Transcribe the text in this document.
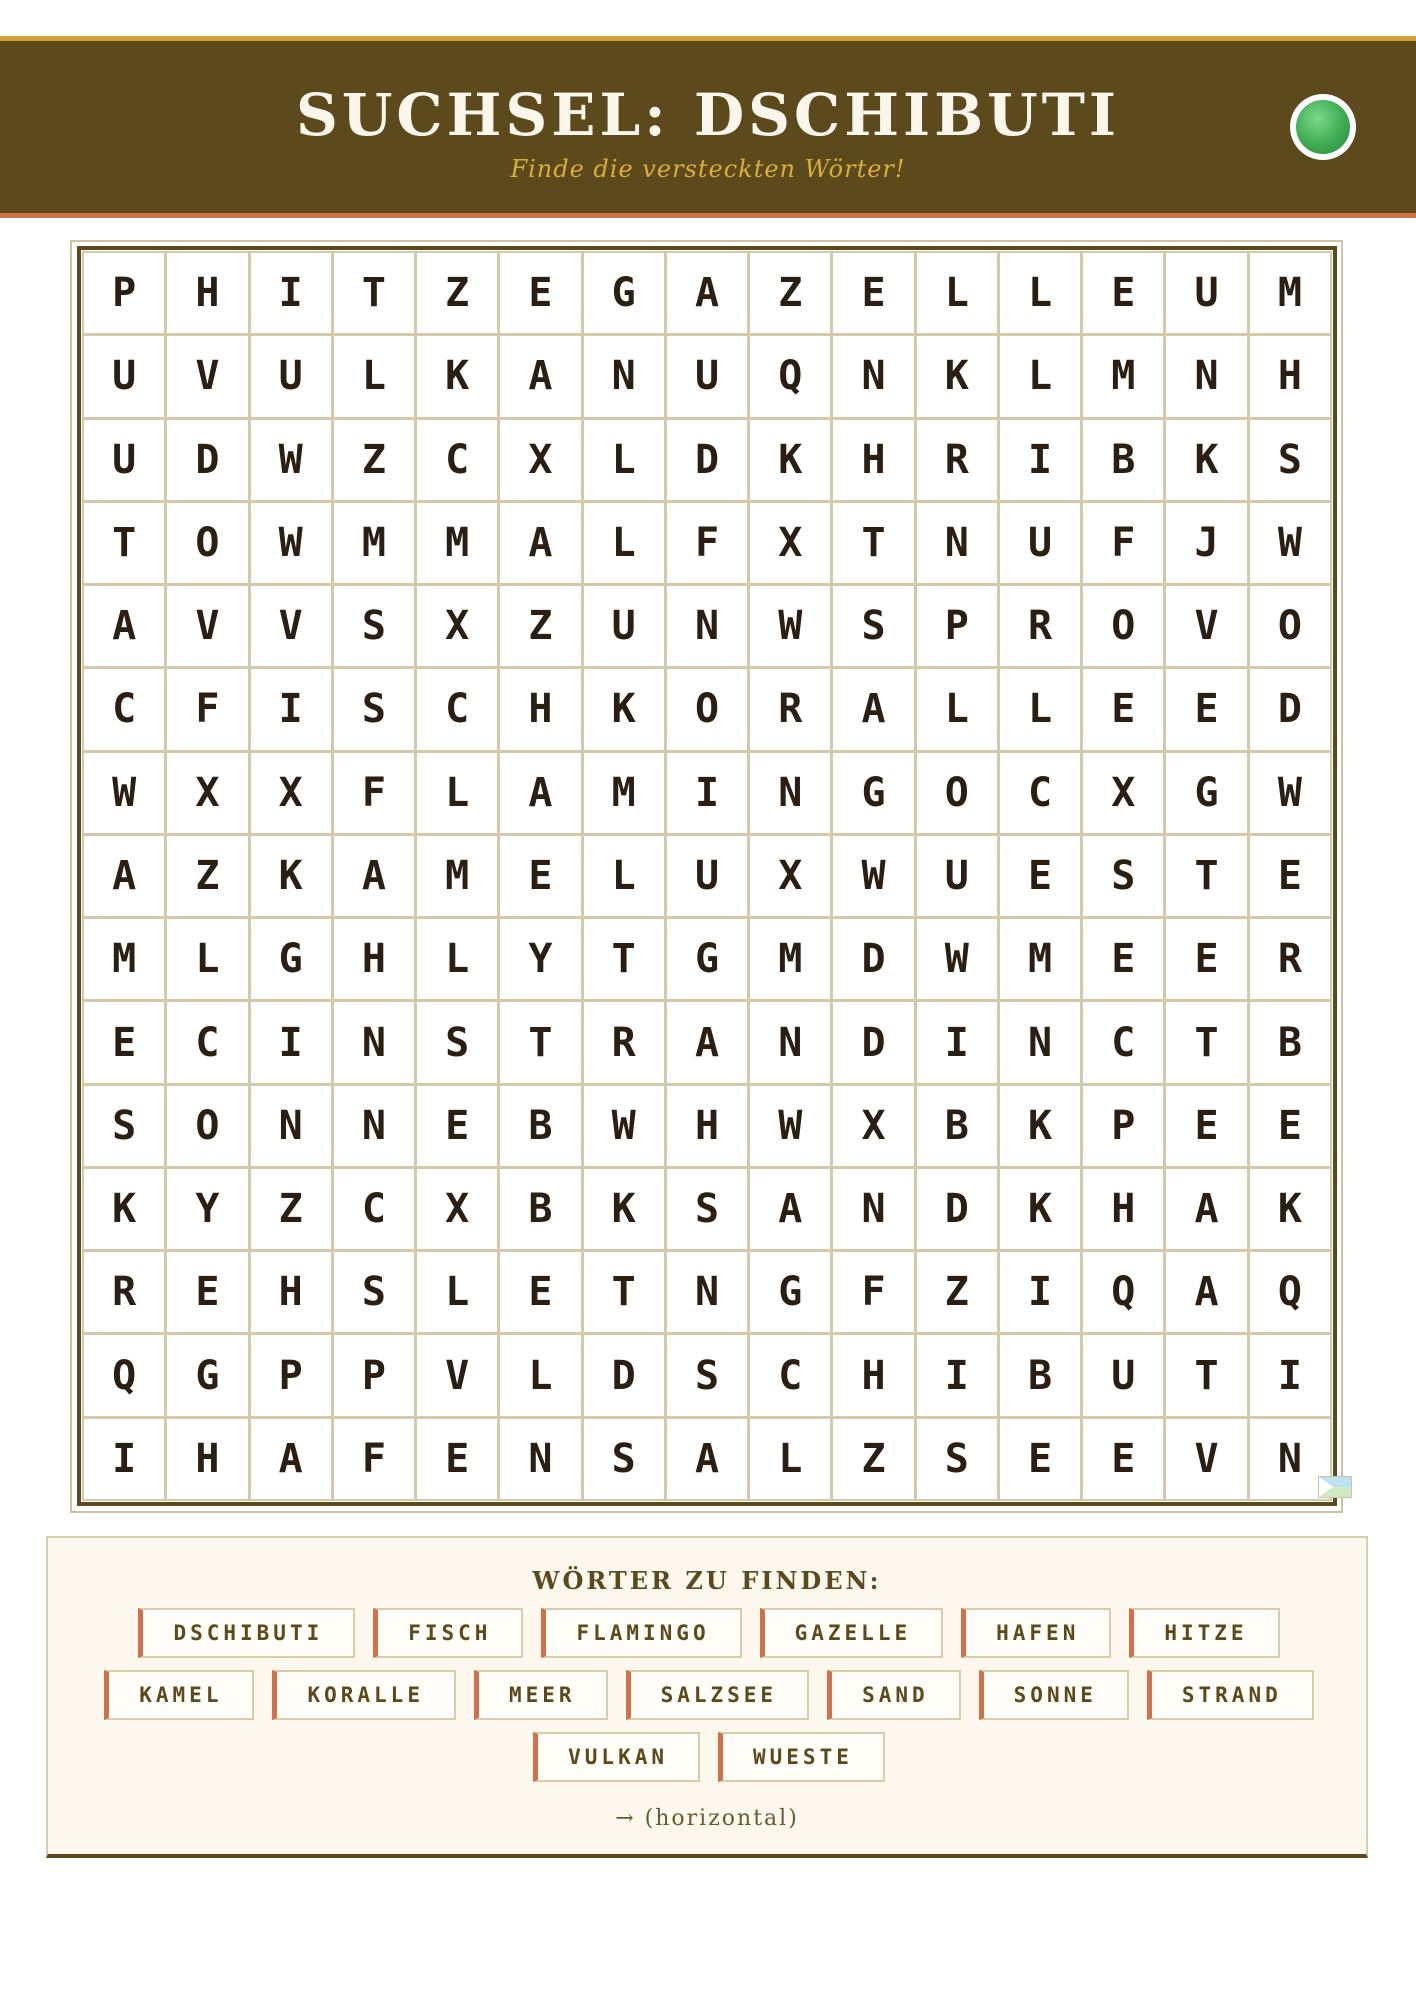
SUCHSEL: DSCHIBUTI
Finde die versteckten Wörter!
P	H	I	T	Z	E	G	A	Z	E	L	L	E	U	M
U	V	U	L	K	A	N	U	Q	N	K	L	M	N	H
U	D	W	Z	C	X	L	D	K	H	R	I	B	K	S
T	O	W	M	M	A	L	F	X	T	N	U	F	J	W
A	V	V	S	X	Z	U	N	W	S	P	R	O	V	O
C	F	I	S	C	H	K	O	R	A	L	L	E	E	D
W	X	X	F	L	A	M	I	N	G	O	C	X	G	W
A	Z	K	A	M	E	L	U	X	W	U	E	S	T	E
M	L	G	H	L	Y	T	G	M	D	W	M	E	E	R
E	C	I	N	S	T	R	A	N	D	I	N	C	T	B
S	O	N	N	E	B	W	H	W	X	B	K	P	E	E
K	Y	Z	C	X	B	K	S	A	N	D	K	H	A	K
R	E	H	S	L	E	T	N	G	F	Z	I	Q	A	Q
Q	G	P	P	V	L	D	S	C	H	I	B	U	T	I
I	H	A	F	E	N	S	A	L	Z	S	E	E	V	N
WÖRTER ZU FINDEN:
DSCHIBUTI	FISCH	FLAMINGO	GAZELLE	HAFEN	HITZE
KAMEL	KORALLE	MEER	SALZSEE	SAND	SONNE	STRAND
VULKAN	WUESTE
→ (horizontal)
